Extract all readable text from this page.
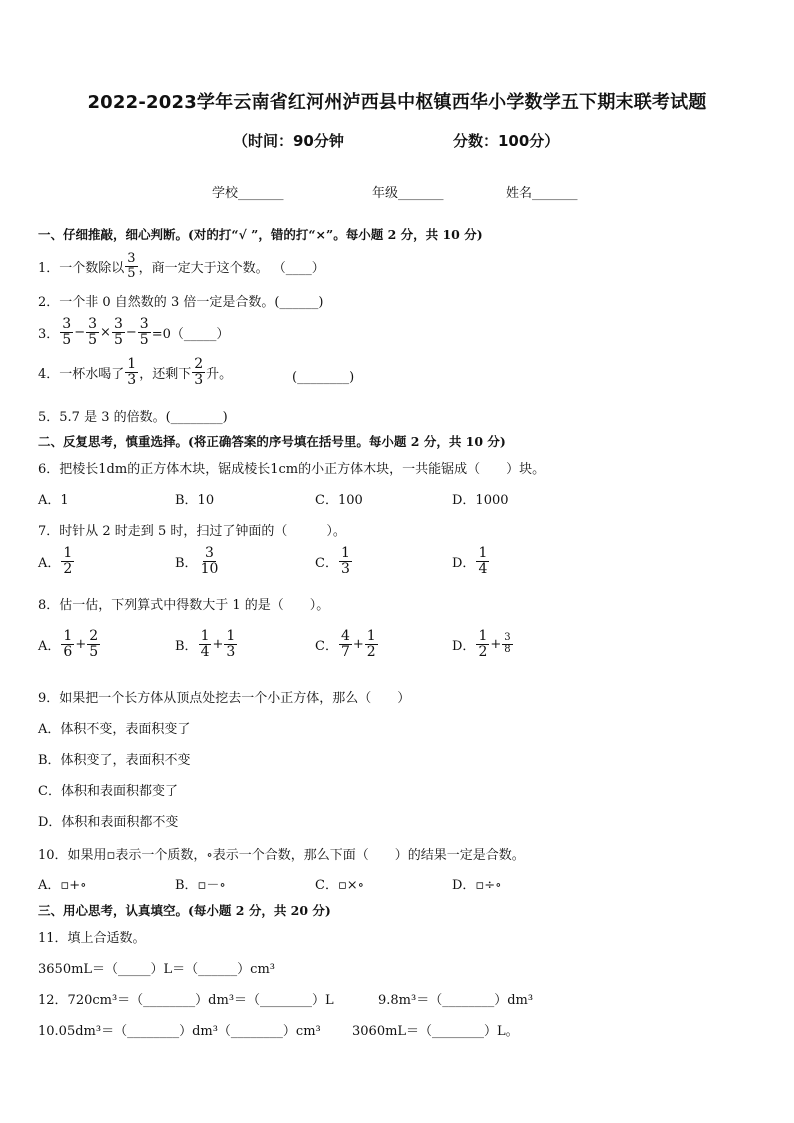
2022-2023学年云南省红河州泸西县中枢镇西华小学数学五下期末联考试题
（时间：90分钟	分数：100分）
学校_______	年级_______	姓名_______
一、仔细推敲，细心判断。(对的打“√ ”，错的打“×”。每小题 2 分，共 10 分)
1．一个数除以 $\frac{3}{5}$ ，商一定大于这个数。 （____）
2．一个非 0 自然数的 3 倍一定是合数。(______)
3． $\frac{3}{5} - \frac{3}{5} \times \frac{3}{5} - \frac{3}{5}$ =0（_____）
4．一杯水喝了 $\frac{1}{3}$ ，还剩下 $\frac{2}{3}$ 升。	(________)
5．5.7 是 3 的倍数。(________)
二、反复思考，慎重选择。(将正确答案的序号填在括号里。每小题 2 分，共 10 分)
6．把棱长1dm的正方体木块，锯成棱长1cm的小正方体木块，一共能锯成（　　）块。
A．1	B．10	C．100	D．1000
7．时针从 2 时走到 5 时，扫过了钟面的（　　　）。
A． $\frac{1}{2}$	B． $\frac{3}{10}$	C． $\frac{1}{3}$	D． $\frac{1}{4}$
8．估一估，下列算式中得数大于 1 的是（　　）。
A． $\frac{1}{6} + \frac{2}{5}$	B． $\frac{1}{4} + \frac{1}{3}$	C． $\frac{4}{7} + \frac{1}{2}$	D． $\frac{1}{2} + \frac{3}{8}$
9．如果把一个长方体从顶点处挖去一个小正方体，那么（　　）
A．体积不变，表面积变了
B．体积变了，表面积不变
C．体积和表面积都变了
D．体积和表面积都不变
10．如果用▫表示一个质数，∘表示一个合数，那么下面（　　）的结果一定是合数。
A．▫+∘	B．▫－∘	C．▫×∘	D．▫÷∘
三、用心思考，认真填空。(每小题 2 分，共 20 分)
11．填上合适数。
3650mL＝（_____）L＝（______）cm³
12．720cm³＝（________）dm³＝（________）L	9.8m³＝（________）dm³
10.05dm³＝（________）dm³（________）cm³ 3060mL＝（________）L。
